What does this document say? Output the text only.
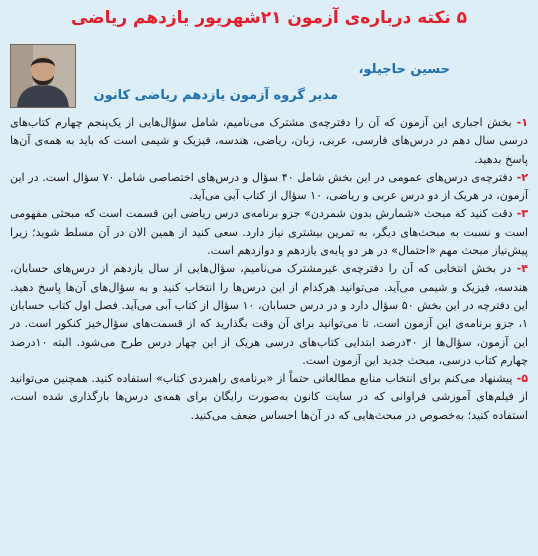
۵ نکته درباره‌ی آزمون ۲۱شهریور یازدهم ریاضی
حسین حاجیلو،
مدیر گروه آزمون یازدهم ریاضی کانون

۱ - بخش اجباری این آزمون که آن را دفترچه‌ی مشترک می‌نامیم، شامل سؤال‌هایی از یک‌پنجم چهارم کتاب‌های درسی سال دهم در درس‌های فارسی، عربی، زبان، ریاضی، هندسه، فیزیک و شیمی است که باید به همه‌ی آن‌ها پاسخ بدهید.

۲ - دفترچه‌ی درس‌های عمومی در این بخش شامل ۴۰ سؤال و درس‌های اختصاصی شامل ۷۰ سؤال است. در این آزمون، در هریک از دو درس عربی و ریاضی، ۱۰ سؤال از کتاب آبی می‌آید.

۳ - دقت کنید که مبحث «شمارش بدون شمردن» جزو برنامه‌ی درس ریاضی این قسمت است که مبحثی مفهومی است و نسبت به مبحث‌های دیگر، به تمرین بیشتری نیاز دارد. سعی کنید از همین الان در آن مسلط شوید؛ زیرا پیش‌نیاز مبحث مهم «احتمال» در هر دو پایه‌ی یازدهم و دوازدهم است.

۴ - در بخش انتخابی که آن را دفترچه‌ی غیرمشترک می‌نامیم، سؤال‌هایی از سال یازدهم از درس‌های حسابان، هندسه، فیزیک و شیمی می‌آید. می‌توانید هرکدام از این درس‌ها را انتخاب کنید و به سؤال‌های آن‌ها پاسخ دهید. این دفترچه در این بخش ۵۰ سؤال دارد و در درس حسابان، ۱۰ سؤال از کتاب آبی می‌آید. فصل اول کتاب حسابان ۱، جزو برنامه‌ی این آزمون است. تا می‌توانید برای آن وقت بگذارید که از قسمت‌های سؤال‌خیز کنکور است. در این آزمون، سؤال‌ها از ۴۰درصد ابتدایی کتاب‌های درسی هریک از این چهار درس طرح می‌شود. البته ۱۰درصد چهارم کتاب درسی، مبحث جدید این آزمون است.

۵ - پیشنهاد می‌کنم برای انتخاب منابع مطالعاتی حتماً از «برنامه‌ی راهبردی کتاب» استفاده کنید. همچنین می‌توانید از فیلم‌های آموزشی فراوانی که در سایت کانون به‌صورت رایگان برای همه‌ی درس‌ها بارگذاری شده است، استفاده کنید؛ به‌خصوص در مبحث‌هایی که در آن‌ها احساس ضعف می‌کنید.
